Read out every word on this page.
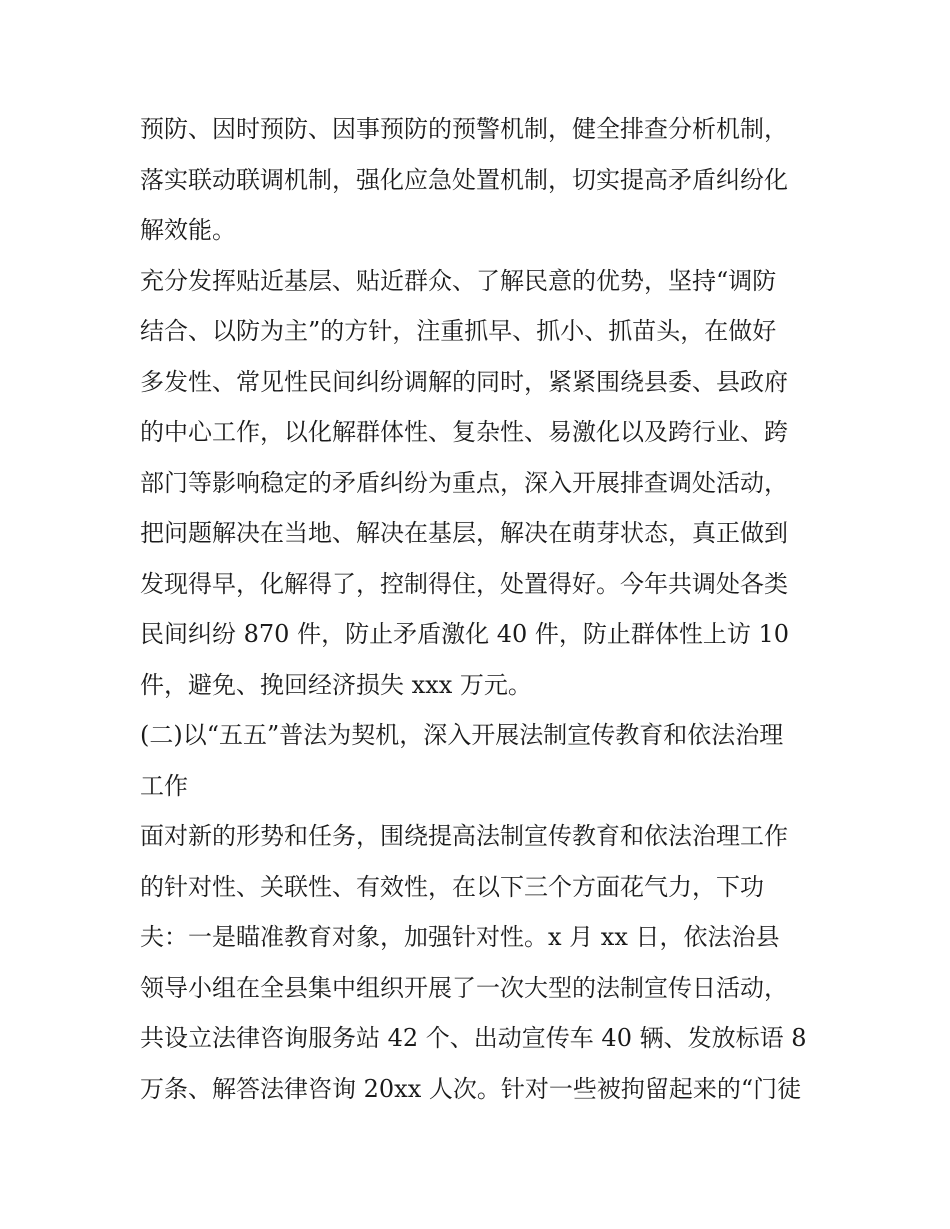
预防、因时预防、因事预防的预警机制，健全排查分析机制，
落实联动联调机制，强化应急处置机制，切实提高矛盾纠纷化
解效能。
充分发挥贴近基层、贴近群众、了解民意的优势，坚持“调防
结合、以防为主”的方针，注重抓早、抓小、抓苗头，在做好
多发性、常见性民间纠纷调解的同时，紧紧围绕县委、县政府
的中心工作，以化解群体性、复杂性、易激化以及跨行业、跨
部门等影响稳定的矛盾纠纷为重点，深入开展排查调处活动，
把问题解决在当地、解决在基层，解决在萌芽状态，真正做到
发现得早，化解得了，控制得住，处置得好。今年共调处各类
民间纠纷 870 件，防止矛盾激化 40 件，防止群体性上访 10
件，避免、挽回经济损失 xxx 万元。
(二)以“五五”普法为契机，深入开展法制宣传教育和依法治理
工作
面对新的形势和任务，围绕提高法制宣传教育和依法治理工作
的针对性、关联性、有效性，在以下三个方面花气力，下功
夫：一是瞄准教育对象，加强针对性。x 月 xx 日，依法治县
领导小组在全县集中组织开展了一次大型的法制宣传日活动，
共设立法律咨询服务站 42 个、出动宣传车 40 辆、发放标语 8
万条、解答法律咨询 20xx 人次。针对一些被拘留起来的“门徒
